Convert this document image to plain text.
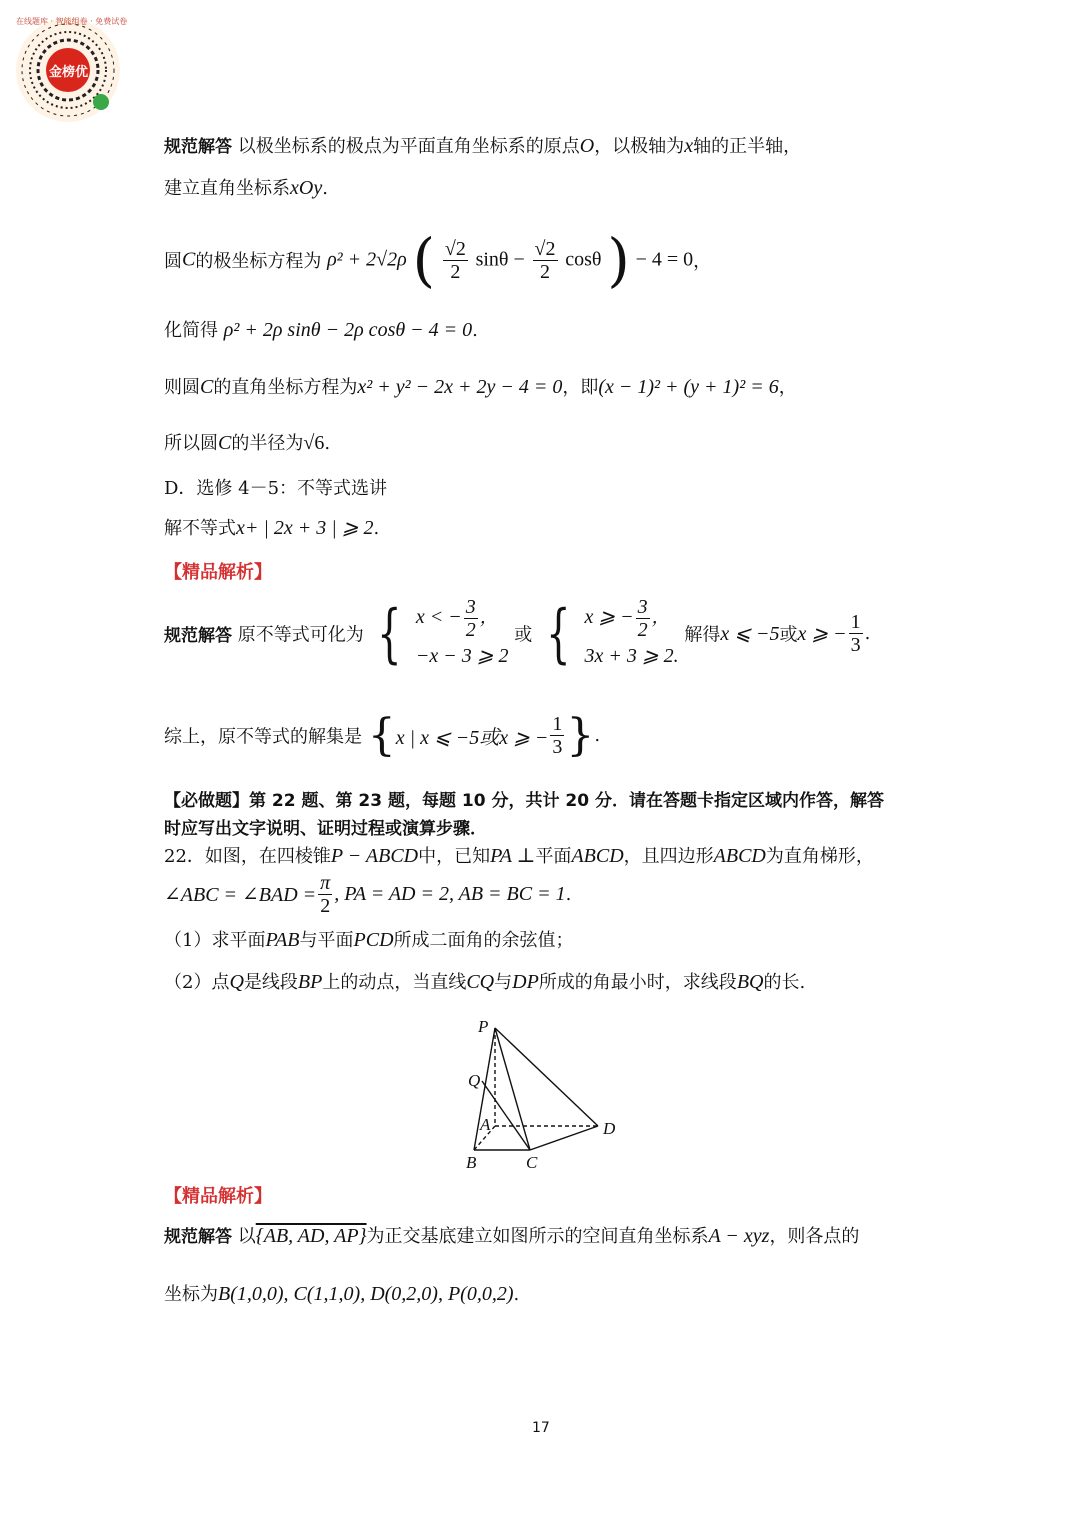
金榜优
在线题库 · 智能组卷 · 免费试卷
规范解答 以极坐标系的极点为平面直角坐标系的原点O，以极轴为x轴的正半轴，
建立直角坐标系xOy.
圆C的极坐标方程为 ρ² + 2√2ρ ( $\frac{√2}{2}$ $\sin\theta - \frac{√2}{2}$ cosθ ) − 4 = 0，
化简得 ρ² + 2ρ sinθ − 2ρ cosθ − 4 = 0.
则圆C的直角坐标方程为x² + y² − 2x + 2y − 4 = 0，即(x − 1)² + (y + 1)² = 6，
所以圆C的半径为√6.
D．选修 4－5：不等式选讲
解不等式x+ | 2x + 3 | ⩾ 2.
【精品解析】
规范解答 原不等式可化为 { x < − $\frac{3}{2}$ ，
−x − 3 ⩾ 2 或 { x ⩾ − $\frac{3}{2}$ ，
3x + 3 ⩾ 2. 解得x ⩽ −5或x ⩾ − $\frac{1}{3}$ .
综上，原不等式的解集是 {x | x ⩽ −5或x ⩾ − $\frac{1}{3}$ }.
【必做题】第 22 题、第 23 题，每题 10 分，共计 20 分．请在答题卡指定区域内作答，解答
时应写出文字说明、证明过程或演算步骤．
22．如图，在四棱锥P − ABCD中，已知PA ⊥平面ABCD，且四边形ABCD为直角梯形，
∠ABC = ∠BAD = $\frac{\pi}{2}$ , PA = AD = 2, AB = BC = 1.
（1）求平面PAB与平面PCD所成二面角的余弦值；
（2）点Q是线段BP上的动点，当直线CQ与DP所成的角最小时，求线段BQ的长.
P
Q
A
B	C
D
【精品解析】
规范解答 以{AB, AD, AP}为正交基底建立如图所示的空间直角坐标系A − xyz，则各点的
坐标为B(1,0,0), C(1,1,0), D(0,2,0), P(0,0,2).
17
